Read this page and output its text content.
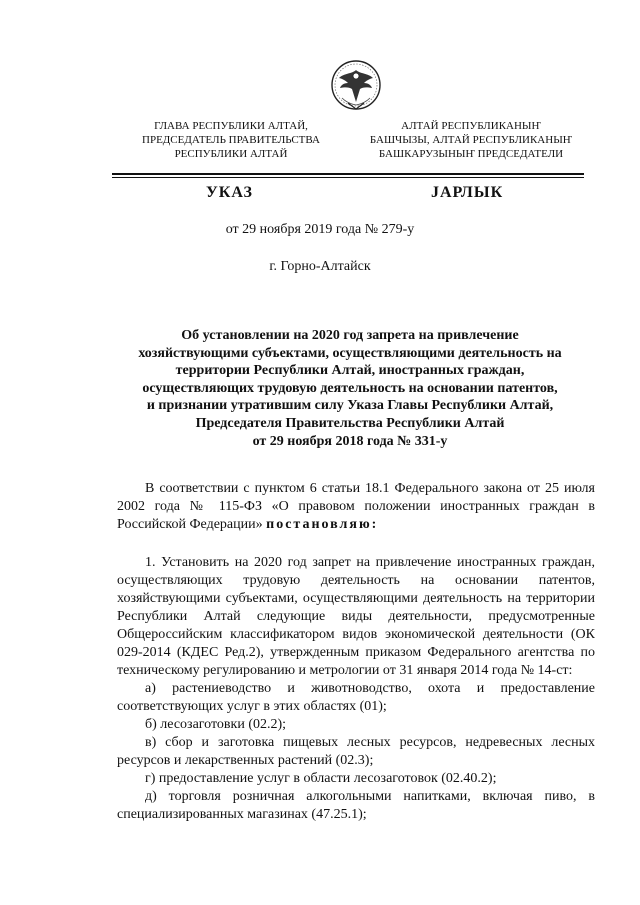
ГЛАВА РЕСПУБЛИКИ АЛТАЙ,
ПРЕДСЕДАТЕЛЬ ПРАВИТЕЛЬСТВА
РЕСПУБЛИКИ АЛТАЙ
АЛТАЙ РЕСПУБЛИКАНЫҤ
БАШЧЫЗЫ, АЛТАЙ РЕСПУБЛИКАНЫҤ
БАШКАРУЗЫНЫҤ ПРЕДСЕДАТЕЛИ
УКАЗ	JАРЛЫК
от 29 ноября 2019 года № 279-у
г. Горно-Алтайск
Об установлении на 2020 год запрета на привлечение
хозяйствующими субъектами, осуществляющими деятельность на
территории Республики Алтай, иностранных граждан,
осуществляющих трудовую деятельность на основании патентов,
и признании утратившим силу Указа Главы Республики Алтай,
Председателя Правительства Республики Алтай
от 29 ноября 2018 года № 331-у

В соответствии с пунктом 6 статьи 18.1 Федерального закона от 25 июля 2002 года № 115-ФЗ «О правовом положении иностранных граждан в Российской Федерации» постановляю:

1. Установить на 2020 год запрет на привлечение иностранных граждан, осуществляющих трудовую деятельность на основании патентов, хозяйствующими субъектами, осуществляющими деятельность на территории Республики Алтай следующие виды деятельности, предусмотренные Общероссийским классификатором видов экономической деятельности (ОК 029-2014 (КДЕС Ред.2), утвержденным приказом Федерального агентства по техническому регулированию и метрологии от 31 января 2014 года № 14-ст:

а) растениеводство и животноводство, охота и предоставление соответствующих услуг в этих областях (01);

б) лесозаготовки (02.2);

в) сбор и заготовка пищевых лесных ресурсов, недревесных лесных ресурсов и лекарственных растений (02.3);

г) предоставление услуг в области лесозаготовок (02.40.2);

д) торговля розничная алкогольными напитками, включая пиво, в специализированных магазинах (47.25.1);
